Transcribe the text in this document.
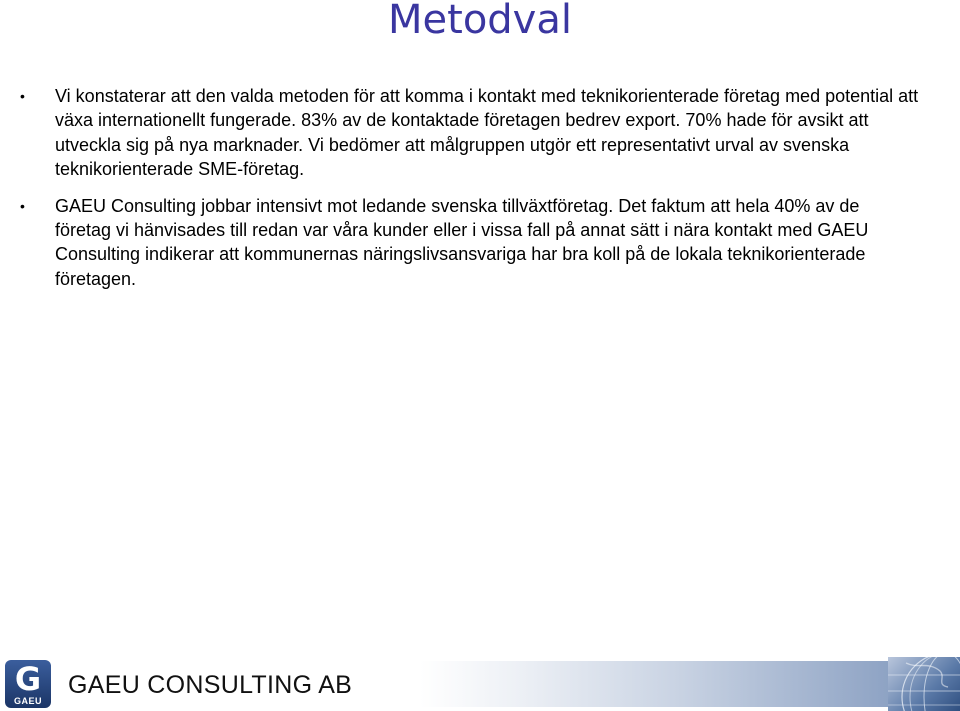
Metodval
• Vi konstaterar att den valda metoden för att komma i kontakt med teknikorienterade företag med potential att växa internationellt fungerade. 83% av de kontaktade företagen bedrev export. 70% hade för avsikt att utveckla sig på nya marknader. Vi bedömer att målgruppen utgör ett representativt urval av svenska teknikorienterade SME-företag.
• GAEU Consulting jobbar intensivt mot ledande svenska tillväxtföretag. Det faktum att hela 40% av de företag vi hänvisades till redan var våra kunder eller i vissa fall på annat sätt i nära kontakt med GAEU Consulting indikerar att kommunernas näringslivsansvariga har bra koll på de lokala teknikorienterade företagen.
G
GAEU
GAEU CONSULTING AB
